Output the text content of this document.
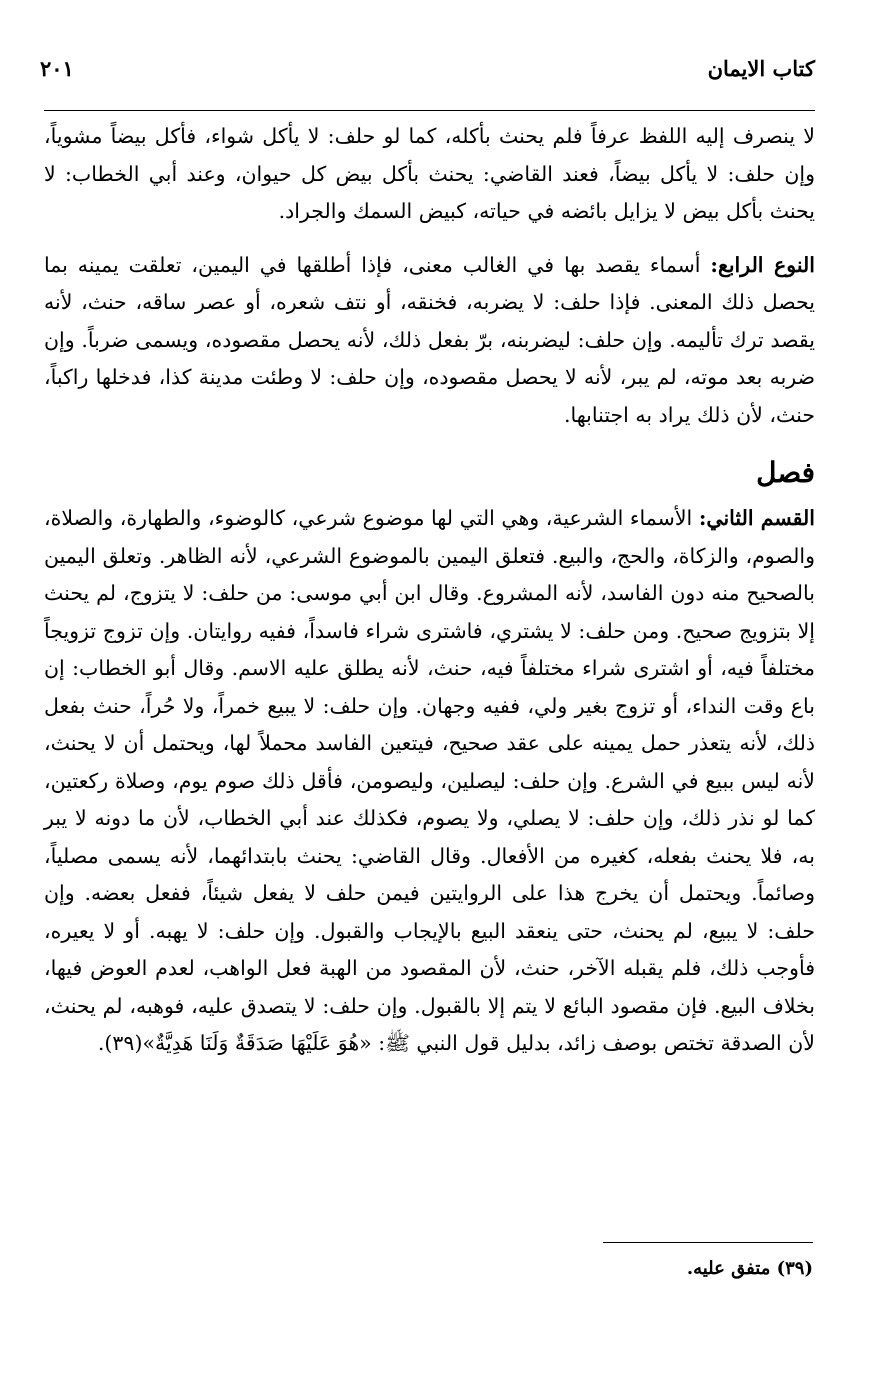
كتاب الايمان
٢٠١

لا ينصرف إليه اللفظ عرفاً فلم يحنث بأكله، كما لو حلف: لا يأكل شواء، فأكل بيضاً مشوياً، وإن حلف: لا يأكل بيضاً، فعند القاضي: يحنث بأكل بيض كل حيوان، وعند أبي الخطاب: لا يحنث بأكل بيض لا يزايل بائضه في حياته، كبيض السمك والجراد.

النوع الرابع: أسماء يقصد بها في الغالب معنى، فإذا أطلقها في اليمين، تعلقت يمينه بما يحصل ذلك المعنى. فإذا حلف: لا يضربه، فخنقه، أو نتف شعره، أو عصر ساقه، حنث، لأنه يقصد ترك تأليمه. وإن حلف: ليضربنه، برّ بفعل ذلك، لأنه يحصل مقصوده، ويسمى ضرباً. وإن ضربه بعد موته، لم يبر، لأنه لا يحصل مقصوده، وإن حلف: لا وطئت مدينة كذا، فدخلها راكباً، حنث، لأن ذلك يراد به اجتنابها.

فصل

القسم الثاني: الأسماء الشرعية، وهي التي لها موضوع شرعي، كالوضوء، والطهارة، والصلاة، والصوم، والزكاة، والحج، والبيع. فتعلق اليمين بالموضوع الشرعي، لأنه الظاهر. وتعلق اليمين بالصحيح منه دون الفاسد، لأنه المشروع. وقال ابن أبي موسى: من حلف: لا يتزوج، لم يحنث إلا بتزويج صحيح. ومن حلف: لا يشتري، فاشترى شراء فاسداً، ففيه روايتان. وإن تزوج تزويجاً مختلفاً فيه، أو اشترى شراء مختلفاً فيه، حنث، لأنه يطلق عليه الاسم. وقال أبو الخطاب: إن باع وقت النداء، أو تزوج بغير ولي، ففيه وجهان. وإن حلف: لا يبيع خمراً، ولا حُراً، حنث بفعل ذلك، لأنه يتعذر حمل يمينه على عقد صحيح، فيتعين الفاسد محملاً لها، ويحتمل أن لا يحنث، لأنه ليس ببيع في الشرع. وإن حلف: ليصلين، وليصومن، فأقل ذلك صوم يوم، وصلاة ركعتين، كما لو نذر ذلك، وإن حلف: لا يصلي، ولا يصوم، فكذلك عند أبي الخطاب، لأن ما دونه لا يبر به، فلا يحنث بفعله، كغيره من الأفعال. وقال القاضي: يحنث بابتدائهما، لأنه يسمى مصلياً، وصائماً. ويحتمل أن يخرج هذا على الروايتين فيمن حلف لا يفعل شيئاً، ففعل بعضه. وإن حلف: لا يبيع، لم يحنث، حتى ينعقد البيع بالإيجاب والقبول. وإن حلف: لا يهبه. أو لا يعيره، فأوجب ذلك، فلم يقبله الآخر، حنث، لأن المقصود من الهبة فعل الواهب، لعدم العوض فيها، بخلاف البيع. فإن مقصود البائع لا يتم إلا بالقبول. وإن حلف: لا يتصدق عليه، فوهبه، لم يحنث، لأن الصدقة تختص بوصف زائد، بدليل قول النبي ﷺ: «هُوَ عَلَيْهَا صَدَقَةٌ وَلَنَا هَدِيَّةٌ»(٣٩).

(٣٩) متفق عليه.
